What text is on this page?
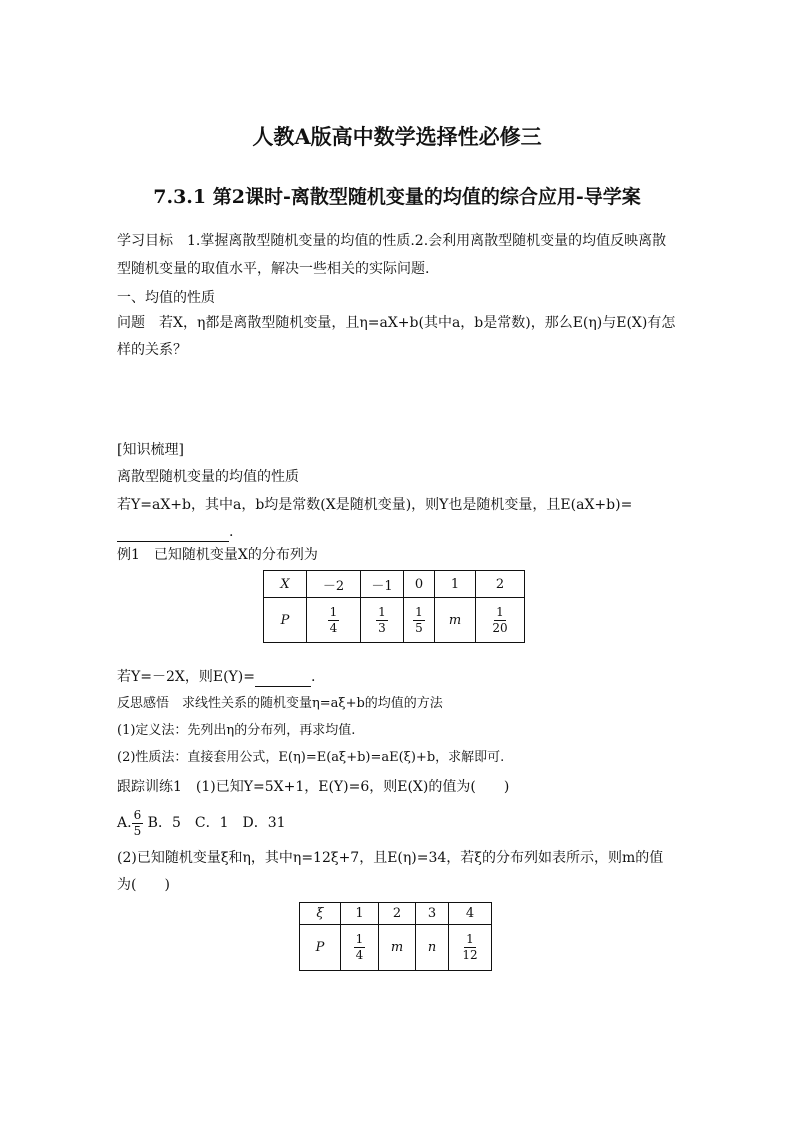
人教A版高中数学选择性必修三
7.3.1 第2课时-离散型随机变量的均值的综合应用-导学案
学习目标　1.掌握离散型随机变量的均值的性质.2.会利用离散型随机变量的均值反映离散
型随机变量的取值水平，解决一些相关的实际问题.
一、均值的性质
问题　若X，η都是离散型随机变量，且η=aX+b(其中a，b是常数)，那么E(η)与E(X)有怎
样的关系？
[知识梳理]
离散型随机变量的均值的性质
若Y=aX+b，其中a，b均是常数(X是随机变量)，则Y也是随机变量，且E(aX+b)=
.
例1　已知随机变量X的分布列为
X	－2	－1	0	1	2
P	$\frac{1}{4}$	$\frac{1}{3}$	$\frac{1}{5}$	m	$\frac{1}{20}$
若Y=－2X，则E(Y)=	.
反思感悟　求线性关系的随机变量η=aξ+b的均值的方法
(1)定义法：先列出η的分布列，再求均值.
(2)性质法：直接套用公式，E(η)=E(aξ+b)=aE(ξ)+b，求解即可.
跟踪训练1　(1)已知Y=5X+1，E(Y)=6，则E(X)的值为( )
A. $\frac{6}{5}$ B．5　C．1　D．31
(2)已知随机变量ξ和η，其中η=12ξ+7，且E(η)=34，若ξ的分布列如表所示，则m的值
为( )
ξ	1	2	3	4
P	$\frac{1}{4}$	m	n	$\frac{1}{12}$
